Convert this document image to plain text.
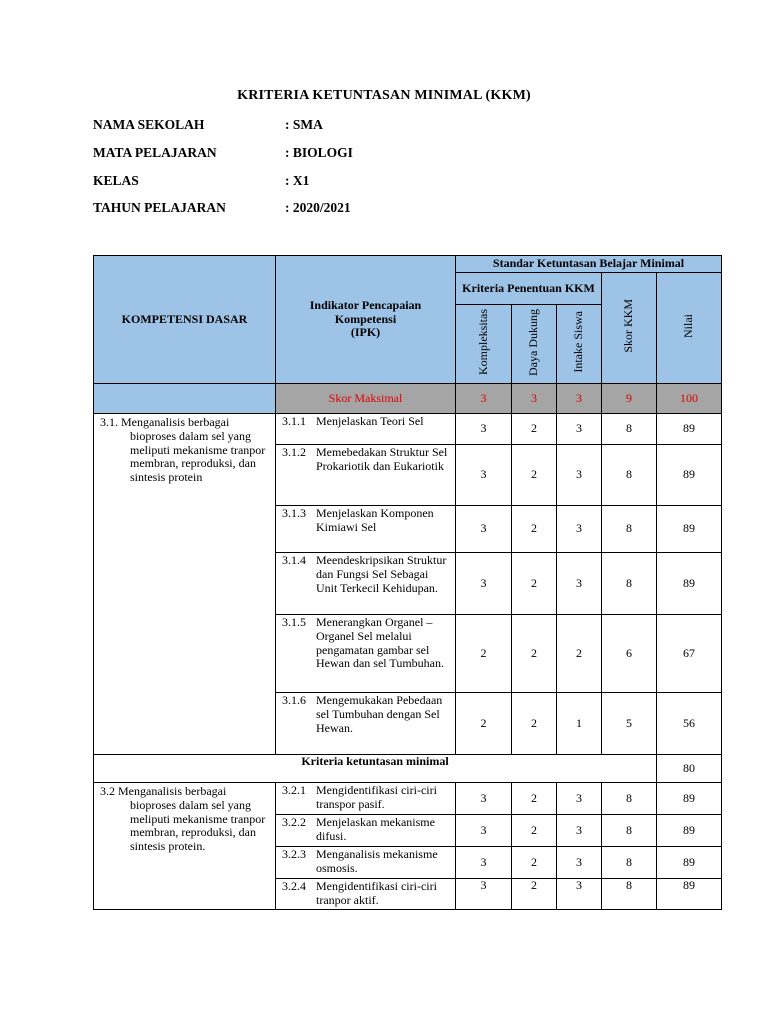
KRITERIA KETUNTASAN MINIMAL (KKM)
NAMA SEKOLAH	: SMA
MATA PELAJARAN	: BIOLOGI
KELAS	: X1
TAHUN PELAJARAN	: 2020/2021
KOMPETENSI DASAR	Indikator Pencapaian
Kompetensi
(IPK)	Standar Ketuntasan Belajar Minimal				
		Kriteria Penentuan KKM			Skor KKM	Nilai
		Kompleksitas	Daya Dukung	Intake Siswa		
	Skor Maksimal	3	3	3	9	100

3.1. Menganalisis berbagai bioproses dalam sel yang meliputi mekanisme tranpor membran, reproduksi, dan sintesis protein	3.1.1 Menjelaskan Teori Sel	3	2	3	8	89

	3.1.2 Memebedakan Struktur Sel Prokariotik dan Eukariotik	3	2	3	8	89

	3.1.3 Menjelaskan Komponen Kimiawi Sel	3	2	3	8	89

	3.1.4 Meendeskripsikan Struktur dan Fungsi Sel Sebagai Unit Terkecil Kehidupan.	3	2	3	8	89

	3.1.5 Menerangkan Organel – Organel Sel melalui pengamatan gambar sel Hewan dan sel Tumbuhan.	2	2	2	6	67

	3.1.6 Mengemukakan Pebedaan sel Tumbuhan dengan Sel Hewan.	2	2	1	5	56
Kriteria ketuntasan minimal						80

3.2 Menganalisis berbagai bioproses dalam sel yang meliputi mekanisme tranpor membran, reproduksi, dan sintesis protein.	3.2.1 Mengidentifikasi ciri-ciri transpor pasif.	3	2	3	8	89

	3.2.2 Menjelaskan mekanisme difusi.	3	2	3	8	89

	3.2.3 Menganalisis mekanisme osmosis.	3	2	3	8	89

	3.2.4 Mengidentifikasi ciri-ciri tranpor aktif.	3	2	3	8	89
